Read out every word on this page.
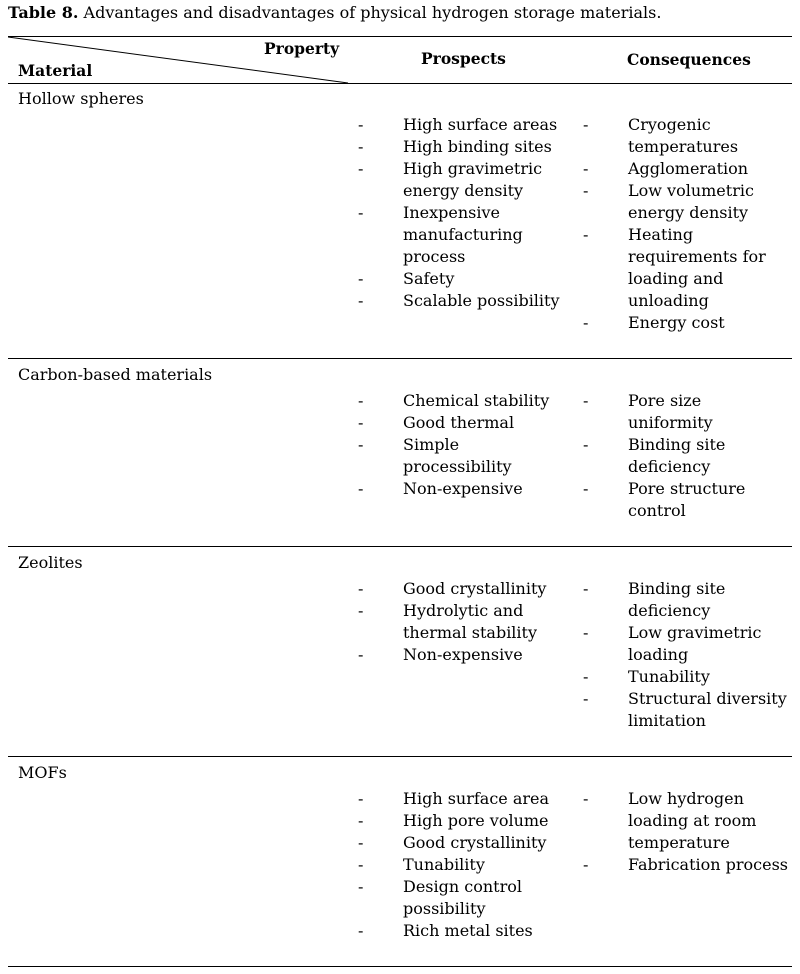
Table 8. Advantages and disadvantages of physical hydrogen storage materials.
Property
Material
Prospects	Consequences
Hollow spheres
- High surface areas
- High binding sites
- High gravimetric energy density
- Inexpensive manufacturing process
- Safety
- Scalable possibility
- Cryogenic temperatures
- Agglomeration
- Low volumetric energy density
- Heating requirements for loading and unloading
- Energy cost
Carbon-based materials
- Chemical stability
- Good thermal
- Simple processibility
- Non-expensive
- Pore size uniformity
- Binding site deficiency
- Pore structure control
Zeolites
- Good crystallinity
- Hydrolytic and thermal stability
- Non-expensive
- Binding site deficiency
- Low gravimetric loading
- Tunability
- Structural diversity limitation
MOFs
- High surface area
- High pore volume
- Good crystallinity
- Tunability
- Design control possibility
- Rich metal sites
- Low hydrogen loading at room temperature
- Fabrication process
